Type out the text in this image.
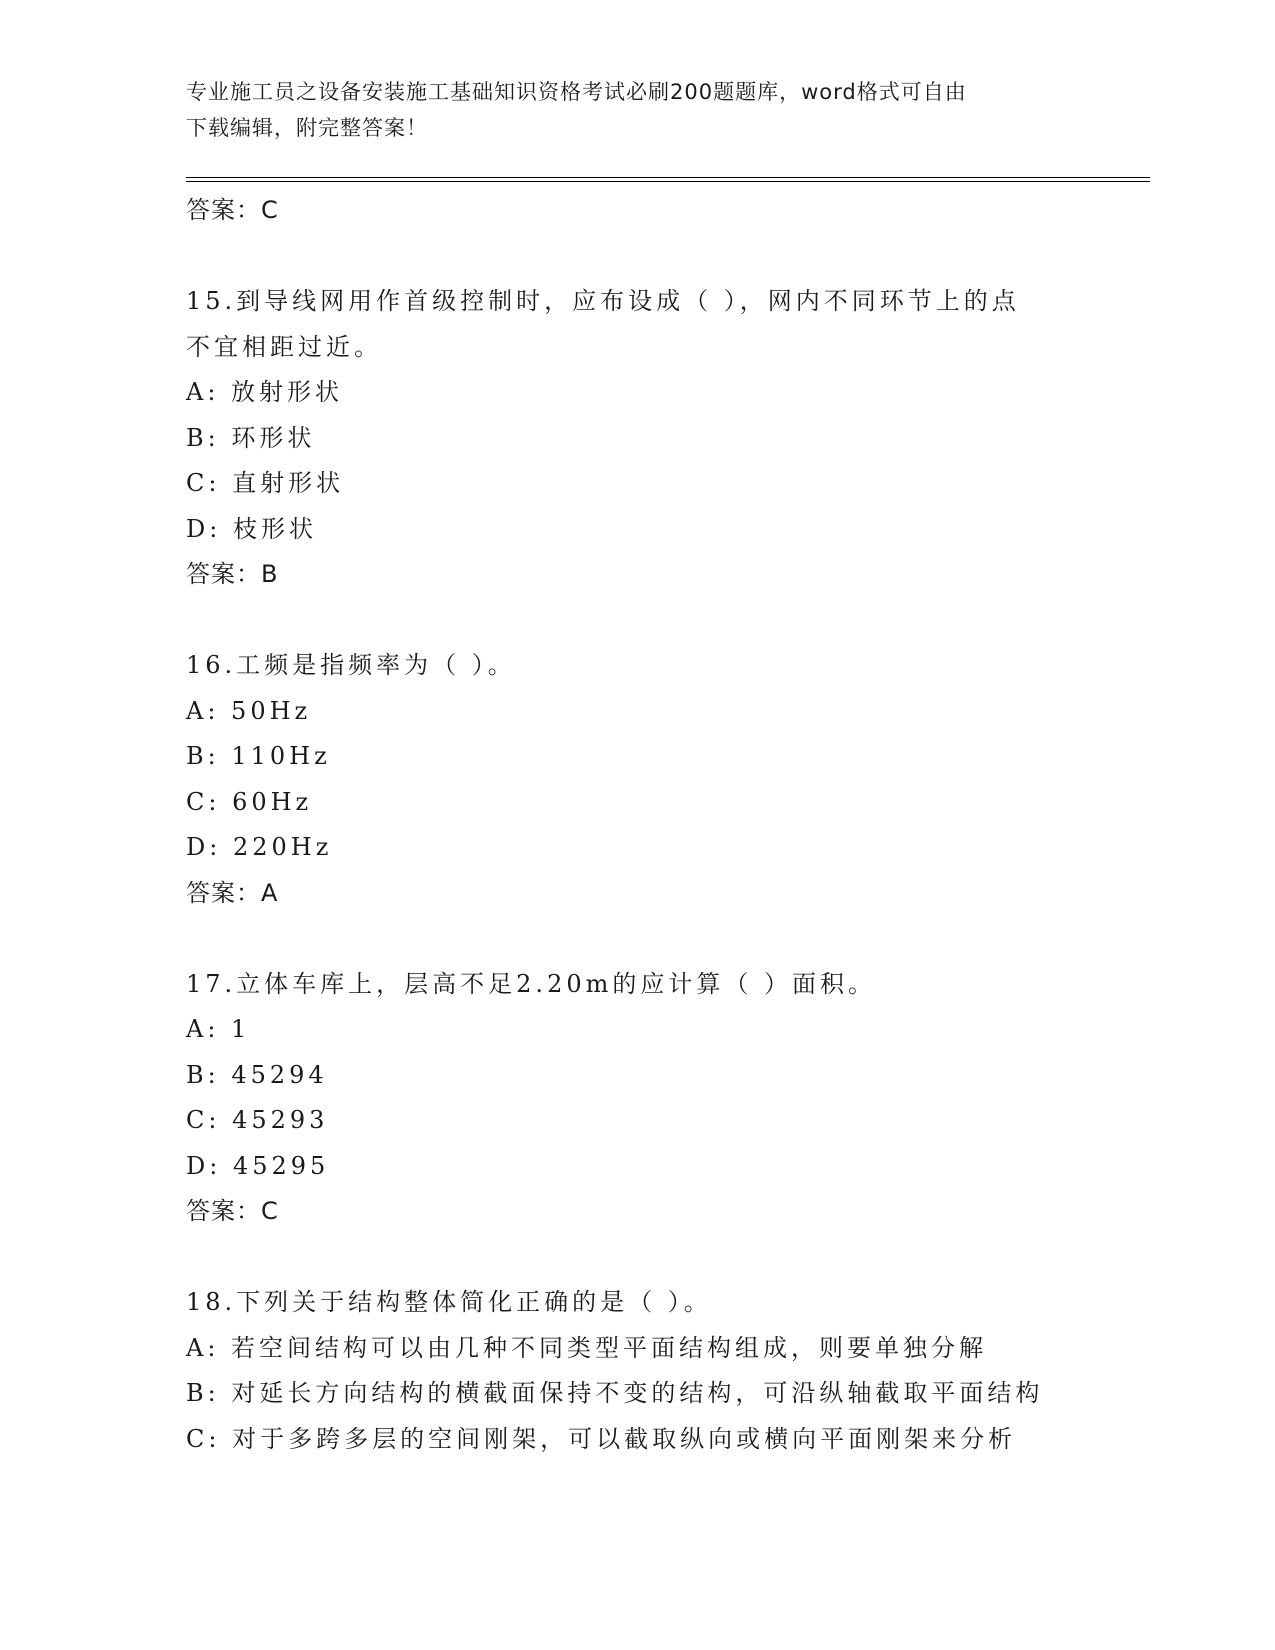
专业施工员之设备安装施工基础知识资格考试必刷200题题库，word格式可自由
下载编辑，附完整答案！
答案：C
15.到导线网用作首级控制时，应布设成（ ），网内不同环节上的点
不宜相距过近。
A: 放射形状
B: 环形状
C: 直射形状
D: 枝形状
答案：B
16.工频是指频率为（ ）。
A: 50Hz
B: 110Hz
C: 60Hz
D: 220Hz
答案：A
17.立体车库上，层高不足2.20m的应计算（ ）面积。
A: 1
B: 45294
C: 45293
D: 45295
答案：C
18.下列关于结构整体简化正确的是（ ）。
A: 若空间结构可以由几种不同类型平面结构组成，则要单独分解
B: 对延长方向结构的横截面保持不变的结构，可沿纵轴截取平面结构
C: 对于多跨多层的空间刚架，可以截取纵向或横向平面刚架来分析
